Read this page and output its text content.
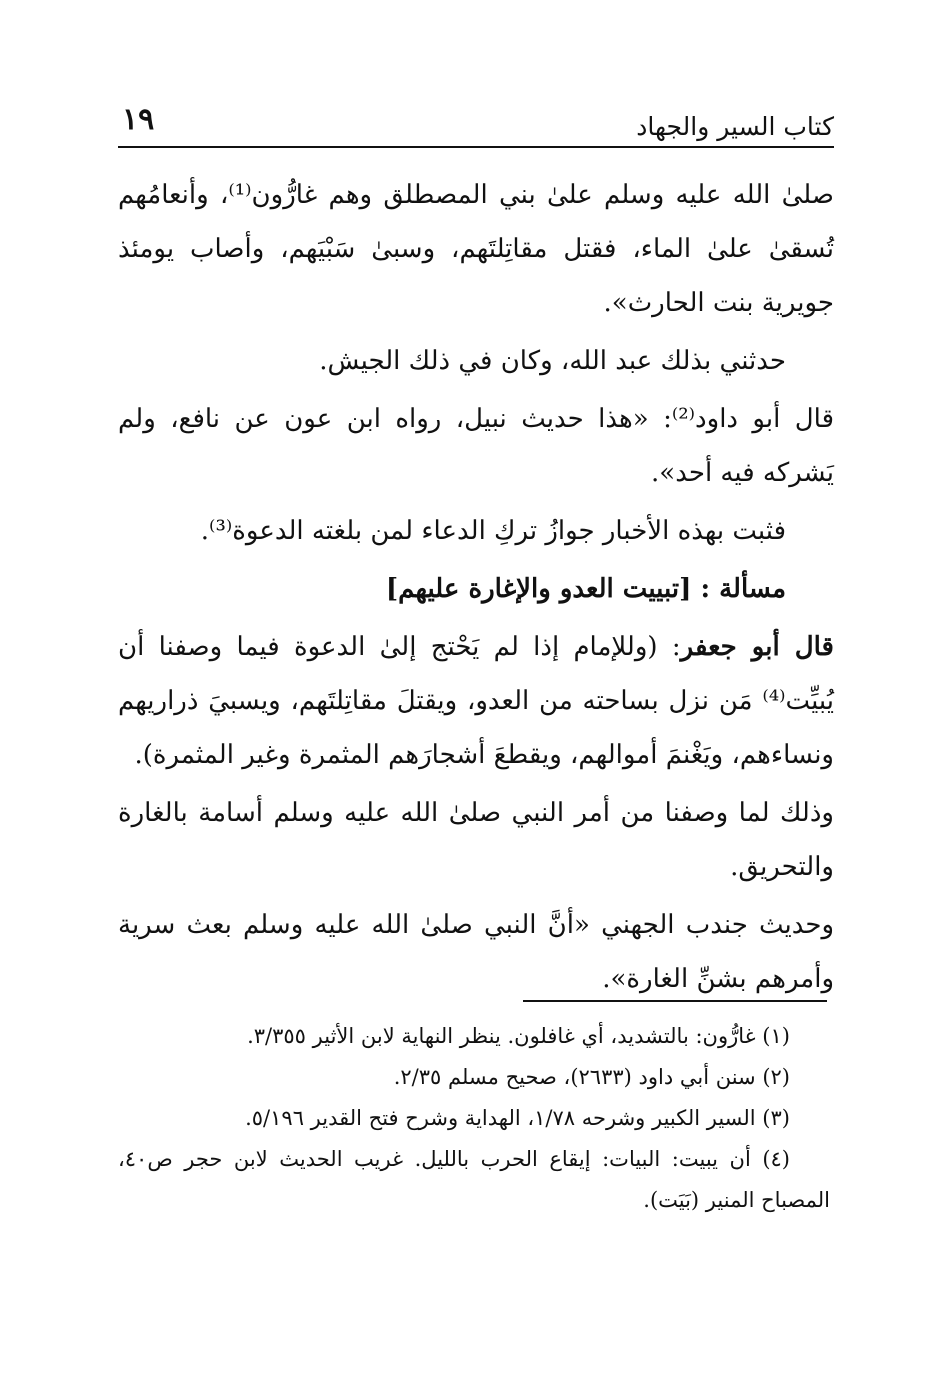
كتاب السير والجهاد
١٩

صلىٰ الله عليه وسلم علىٰ بني المصطلق وهم غارُّون⁽¹⁾، وأنعامُهم تُسقىٰ علىٰ الماء، فقتل مقاتِلتَهم، وسبىٰ سَبْيَهم، وأصاب يومئذ جويرية بنت الحارث».

حدثني بذلك عبد الله، وكان في ذلك الجيش.

قال أبو داود⁽²⁾: «هذا حديث نبيل، رواه ابن عون عن نافع، ولم يَشركه فيه أحد».

فثبت بهذه الأخبار جوازُ تركِ الدعاء لمن بلغته الدعوة⁽³⁾.

مسألة : [تبييت العدو والإغارة عليهم]

قال أبو جعفر: (وللإمام إذا لم يَحْتج إلىٰ الدعوة فيما وصفنا أن يُبيِّت⁽⁴⁾ مَن نزل بساحته من العدو، ويقتلَ مقاتِلتَهم، ويسبيَ ذراريهم ونساءهم، ويَغْنمَ أموالهم، ويقطعَ أشجارَهم المثمرة وغير المثمرة).

وذلك لما وصفنا من أمر النبي صلىٰ الله عليه وسلم أسامة بالغارة والتحريق.

وحديث جندب الجهني «أنَّ النبي صلىٰ الله عليه وسلم بعث سرية وأمرهم بشنِّ الغارة».

(١) غارُّون: بالتشديد، أي غافلون. ينظر النهاية لابن الأثير ٣/٣٥٥.

(٢) سنن أبي داود (٢٦٣٣)، صحيح مسلم ٢/٣٥.

(٣) السير الكبير وشرحه ١/٧٨، الهداية وشرح فتح القدير ٥/١٩٦.

(٤) أن يبيت: البيات: إيقاع الحرب بالليل. غريب الحديث لابن حجر ص٤٠، المصباح المنير (بَيَت).
